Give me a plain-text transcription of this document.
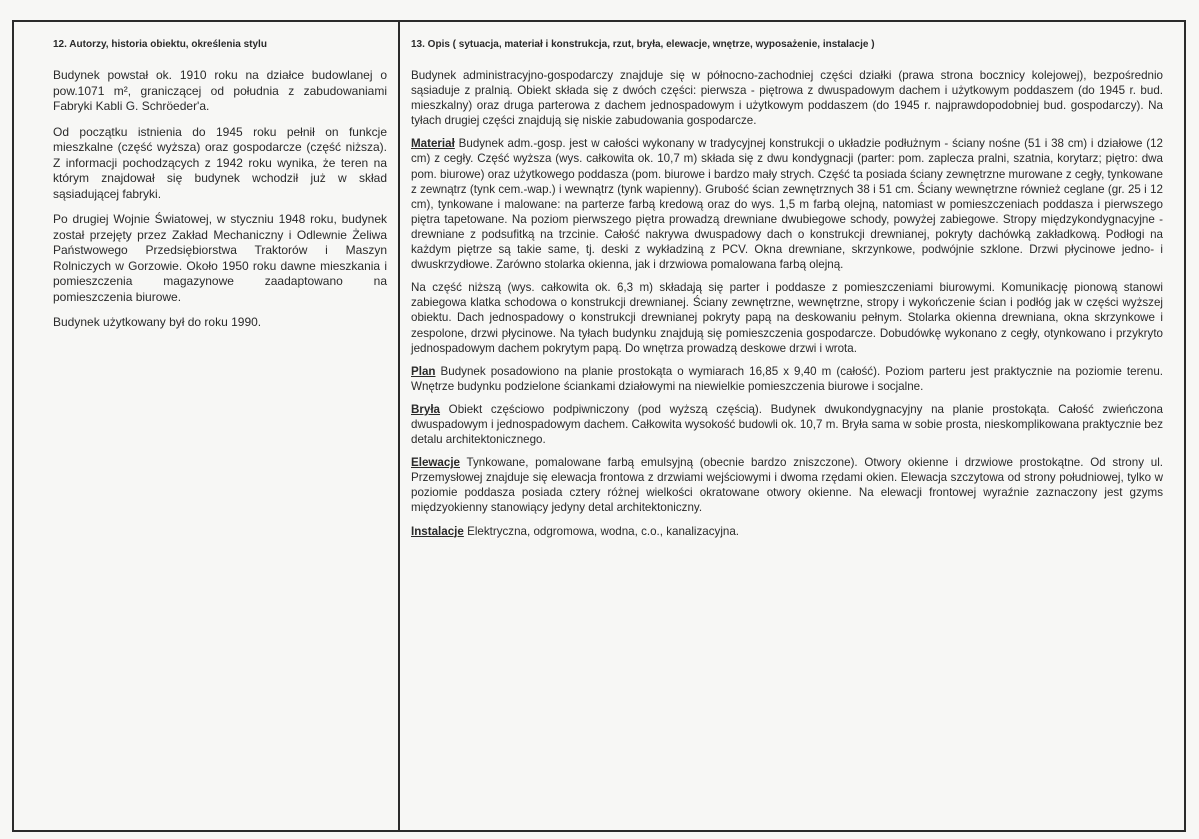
12. Autorzy, historia obiektu, określenia stylu

Budynek powstał ok. 1910 roku na działce budowlanej o pow.1071 m², graniczącej od południa z zabudowaniami Fabryki Kabli G. Schröeder'a.

Od początku istnienia do 1945 roku pełnił on funkcje mieszkalne (część wyższa) oraz gospodarcze (część niższa). Z informacji pochodzących z 1942 roku wynika, że teren na którym znajdował się budynek wchodził już w skład sąsiadującej fabryki.

Po drugiej Wojnie Światowej, w styczniu 1948 roku, budynek został przejęty przez Zakład Mechaniczny i Odlewnie Żeliwa Państwowego Przedsiębiorstwa Traktorów i Maszyn Rolniczych w Gorzowie. Około 1950 roku dawne mieszkania i pomieszczenia magazynowe zaadaptowano na pomieszczenia biurowe.

Budynek użytkowany był do roku 1990.

13. Opis ( sytuacja, materiał i konstrukcja, rzut, bryła, elewacje, wnętrze, wyposażenie, instalacje )

Budynek administracyjno-gospodarczy znajduje się w północno-zachodniej części działki (prawa strona bocznicy kolejowej), bezpośrednio sąsiaduje z pralnią. Obiekt składa się z dwóch części: pierwsza - piętrowa z dwuspadowym dachem i użytkowym poddaszem (do 1945 r. bud. mieszkalny) oraz druga parterowa z dachem jednospadowym i użytkowym poddaszem (do 1945 r. najprawdopodobniej bud. gospodarczy). Na tyłach drugiej części znajdują się niskie zabudowania gospodarcze.

Materiał Budynek adm.-gosp. jest w całości wykonany w tradycyjnej konstrukcji o układzie podłużnym - ściany nośne (51 i 38 cm) i działowe (12 cm) z cegły. Część wyższa (wys. całkowita ok. 10,7 m) składa się z dwu kondygnacji (parter: pom. zaplecza pralni, szatnia, korytarz; piętro: dwa pom. biurowe) oraz użytkowego poddasza (pom. biurowe i bardzo mały strych. Część ta posiada ściany zewnętrzne murowane z cegły, tynkowane z zewnątrz (tynk cem.-wap.) i wewnątrz (tynk wapienny). Grubość ścian zewnętrznych 38 i 51 cm. Ściany wewnętrzne również ceglane (gr. 25 i 12 cm), tynkowane i malowane: na parterze farbą kredową oraz do wys. 1,5 m farbą olejną, natomiast w pomieszczeniach poddasza i pierwszego piętra tapetowane. Na poziom pierwszego piętra prowadzą drewniane dwubiegowe schody, powyżej zabiegowe. Stropy międzykondygnacyjne - drewniane z podsufitką na trzcinie. Całość nakrywa dwuspadowy dach o konstrukcji drewnianej, pokryty dachówką zakładkową. Podłogi na każdym piętrze są takie same, tj. deski z wykładziną z PCV. Okna drewniane, skrzynkowe, podwójnie szklone. Drzwi płycinowe jedno- i dwuskrzydłowe. Zarówno stolarka okienna, jak i drzwiowa pomalowana farbą olejną.

Na część niższą (wys. całkowita ok. 6,3 m) składają się parter i poddasze z pomieszczeniami biurowymi. Komunikację pionową stanowi zabiegowa klatka schodowa o konstrukcji drewnianej. Ściany zewnętrzne, wewnętrzne, stropy i wykończenie ścian i podłóg jak w części wyższej obiektu. Dach jednospadowy o konstrukcji drewnianej pokryty papą na deskowaniu pełnym. Stolarka okienna drewniana, okna skrzynkowe i zespolone, drzwi płycinowe. Na tyłach budynku znajdują się pomieszczenia gospodarcze. Dobudówkę wykonano z cegły, otynkowano i przykryto jednospadowym dachem pokrytym papą. Do wnętrza prowadzą deskowe drzwi i wrota.

Plan Budynek posadowiono na planie prostokąta o wymiarach 16,85 x 9,40 m (całość). Poziom parteru jest praktycznie na poziomie terenu. Wnętrze budynku podzielone ściankami działowymi na niewielkie pomieszczenia biurowe i socjalne.

Bryła Obiekt częściowo podpiwniczony (pod wyższą częścią). Budynek dwukondygnacyjny na planie prostokąta. Całość zwieńczona dwuspadowym i jednospadowym dachem. Całkowita wysokość budowli ok. 10,7 m. Bryła sama w sobie prosta, nieskomplikowana praktycznie bez detalu architektonicznego.

Elewacje Tynkowane, pomalowane farbą emulsyjną (obecnie bardzo zniszczone). Otwory okienne i drzwiowe prostokątne. Od strony ul. Przemysłowej znajduje się elewacja frontowa z drzwiami wejściowymi i dwoma rzędami okien. Elewacja szczytowa od strony południowej, tylko w poziomie poddasza posiada cztery różnej wielkości okratowane otwory okienne. Na elewacji frontowej wyraźnie zaznaczony jest gzyms międzyokienny stanowiący jedyny detal architektoniczny.

Instalacje Elektryczna, odgromowa, wodna, c.o., kanalizacyjna.
